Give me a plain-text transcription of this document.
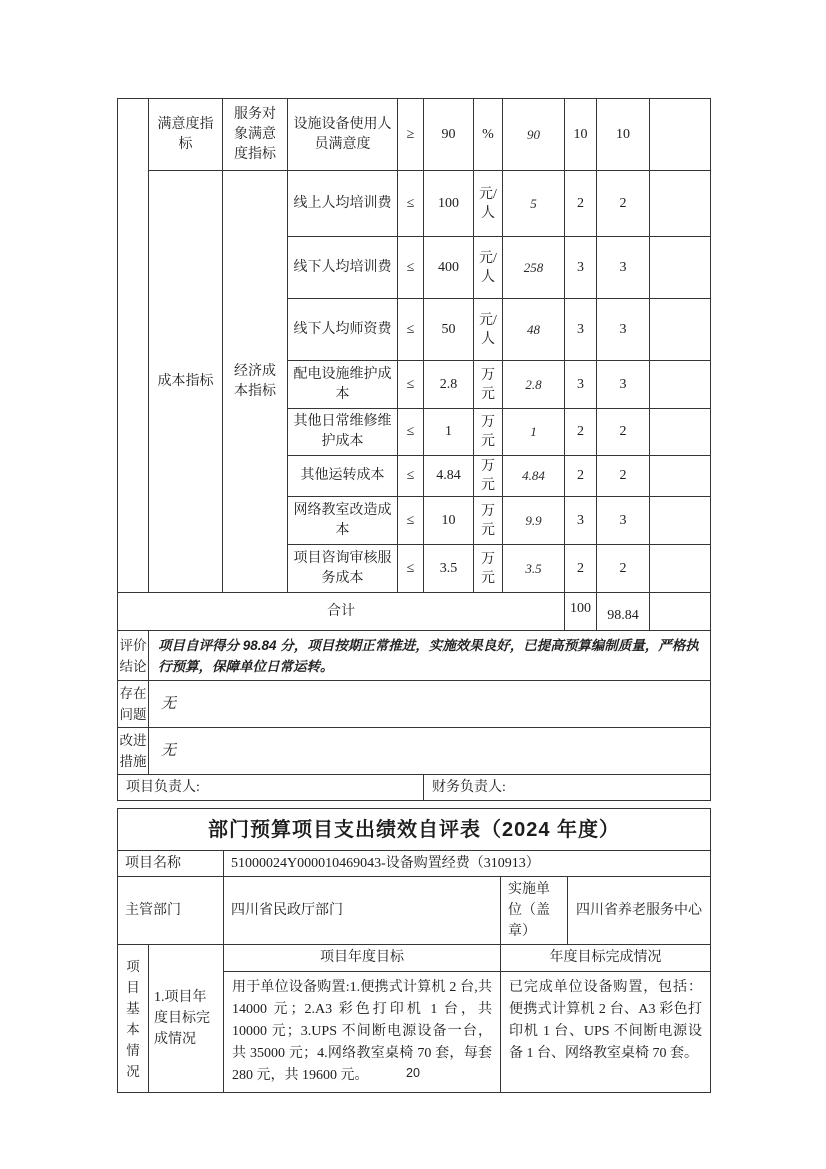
	满意度指标	服务对象满意度指标	设施设备使用人员满意度	≥	90	%	90	10	10	
	成本指标	经济成本指标	线上人均培训费	≤	100	元/人	5	2	2	
			线下人均培训费	≤	400	元/人	258	3	3	
			线下人均师资费	≤	50	元/人	48	3	3	
			配电设施维护成本	≤	2.8	万元	2.8	3	3	
			其他日常维修维护成本	≤	1	万元	1	2	2	
			其他运转成本	≤	4.84	万元	4.84	2	2	
			网络教室改造成本	≤	10	万元	9.9	3	3	
			项目咨询审核服务成本	≤	3.5	万元	3.5	2	2	
合计								100	98.84	
评价结论	项目自评得分 98.84 分，项目按期正常推进，实施效果良好，已提高预算编制质量，严格执行预算，保障单位日常运转。									
存在问题	无									
改进措施	无									
项目负责人:					财务负责人:					
部门预算项目支出绩效自评表（2024 年度）				
项目名称		51000024Y000010469043-设备购置经费（310913）		
主管部门		四川省民政厅部门	实施单位（盖章）	四川省养老服务中心
项目基本情况	1.项目年度目标完成情况	项目年度目标	年度目标完成情况	
		用于单位设备购置:1.便携式计算机 2 台,共 14000 元；2.A3 彩色打印机 1 台，共 10000 元；3.UPS 不间断电源设备一台，共 35000 元；4.网络教室桌椅 70 套，每套 280 元，共 19600 元。	已完成单位设备购置，包括：便携式计算机 2 台、A3 彩色打印机 1 台、UPS 不间断电源设备 1 台、网络教室桌椅 70 套。	
20
